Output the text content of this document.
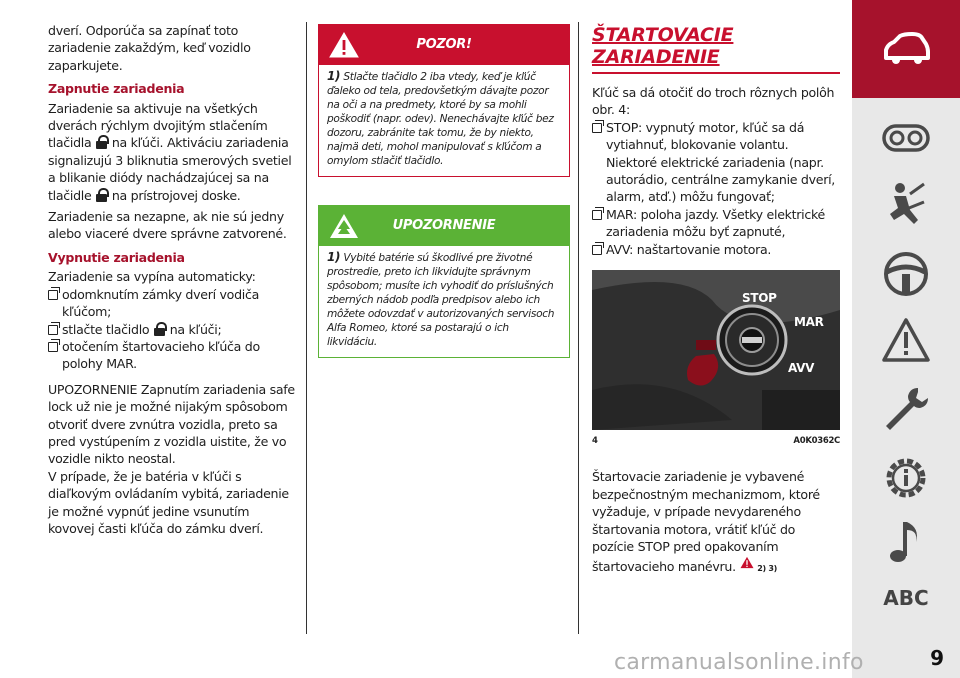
dverí. Odporúča sa zapínať toto zariadenie zakaždým, keď vozidlo zaparkujete.
Zapnutie zariadenia
Zariadenie sa aktivuje na všetkých dverách rýchlym dvojitým stlačením tlačidla na kľúči. Aktiváciu zariadenia signalizujú 3 bliknutia smerových svetiel a blikanie diódy nachádzajúcej sa na tlačidle na prístrojovej doske.
Zariadenie sa nezapne, ak nie sú jedny alebo viaceré dvere správne zatvorené.
Vypnutie zariadenia
Zariadenie sa vypína automaticky:
odomknutím zámky dverí vodiča kľúčom;
stlačte tlačidlo na kľúči;
otočením štartovacieho kľúča do polohy MAR.
UPOZORNENIE Zapnutím zariadenia safe lock už nie je možné nijakým spôsobom otvoriť dvere zvnútra vozidla, preto sa pred vystúpením z vozidla uistite, že vo vozidle nikto neostal.
V prípade, že je batéria v kľúči s diaľkovým ovládaním vybitá, zariadenie je možné vypnúť jedine vsunutím kovovej časti kľúča do zámku dverí.
POZOR!
1) Stlačte tlačidlo 2 iba vtedy, keď je kľúč ďaleko od tela, predovšetkým dávajte pozor na oči a na predmety, ktoré by sa mohli poškodiť (napr. odev). Nenechávajte kľúč bez dozoru, zabránite tak tomu, že by niekto, najmä deti, mohol manipulovať s kľúčom a omylom stlačiť tlačidlo.
UPOZORNENIE
1) Vybité batérie sú škodlivé pre životné prostredie, preto ich likvidujte správnym spôsobom; musíte ich vyhodiť do príslušných zberných nádob podľa predpisov alebo ich môžete odovzdať v autorizovaných servisoch Alfa Romeo, ktoré sa postarajú o ich likvidáciu.
ŠTARTOVACIE ZARIADENIE
Kľúč sa dá otočiť do troch rôznych polôh obr. 4:
STOP: vypnutý motor, kľúč sa dá vytiahnuť, blokovanie volantu. Niektoré elektrické zariadenia (napr. autorádio, centrálne zamykanie dverí, alarm, atď.) môžu fungovať;
MAR: poloha jazdy. Všetky elektrické zariadenia môžu byť zapnuté,
AVV: naštartovanie motora.
STOP
MAR
AVV
4	A0K0362C
Štartovacie zariadenie je vybavené bezpečnostným mechanizmom, ktoré vyžaduje, v prípade nevydareného štartovania motora, vrátiť kľúč do pozície STOP pred opakovaním štartovacieho manévru.	2) 3)
ABC
9
carmanualsonline.info
